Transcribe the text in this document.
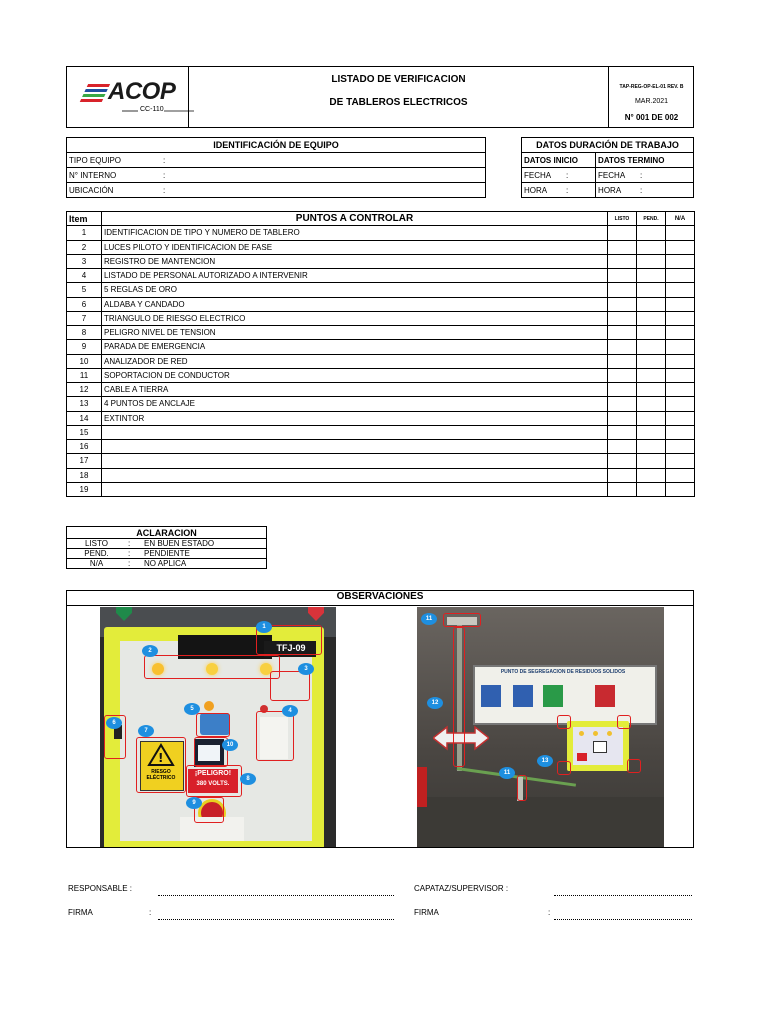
ACOP
CC-110
LISTADO DE VERIFICACION
DE TABLEROS ELECTRICOS
TAP-REG-OP-EL-01 REV. B
MAR.2021
N° 001 DE 002
IDENTIFICACIÓN DE EQUIPO	
TIPO EQUIPO	:
N° INTERNO	:
UBICACIÓN	:
DATOS DURACIÓN DE TRABAJO			
DATOS INICIO		DATOS TERMINO	
FECHA	:	FECHA	:
HORA	:	HORA	:
Item	PUNTOS A CONTROLAR	LISTO	PEND.	N/A
1	IDENTIFICACION DE TIPO Y NUMERO DE TABLERO			
2	LUCES PILOTO Y IDENTIFICACION DE FASE			
3	REGISTRO DE MANTENCION			
4	LISTADO DE PERSONAL AUTORIZADO A INTERVENIR			
5	5 REGLAS DE ORO			
6	ALDABA Y CANDADO			
7	TRIANGULO DE RIESGO ELECTRICO			
8	PELIGRO NIVEL DE TENSION			
9	PARADA DE EMERGENCIA			
10	ANALIZADOR DE RED			
11	SOPORTACION DE CONDUCTOR			
12	CABLE A TIERRA			
13	4 PUNTOS DE ANCLAJE			
14	EXTINTOR			
15				
16				
17				
18				
19				
ACLARACION		
LISTO	:	EN BUEN ESTADO
PEND.	:	PENDIENTE
N/A	:	NO APLICA
OBSERVACIONES
TFJ-09
!
RIESGO ELÉCTRICO
¡PELIGRO!
380 VOLTS.
1
2
3
4
5
6
7
8
9
10
PUNTO DE SEGREGACION DE RESIDUOS SOLIDOS
11
12
13
11
RESPONSABLE :	CAPATAZ/SUPERVISOR :
FIRMA	:	FIRMA	:
